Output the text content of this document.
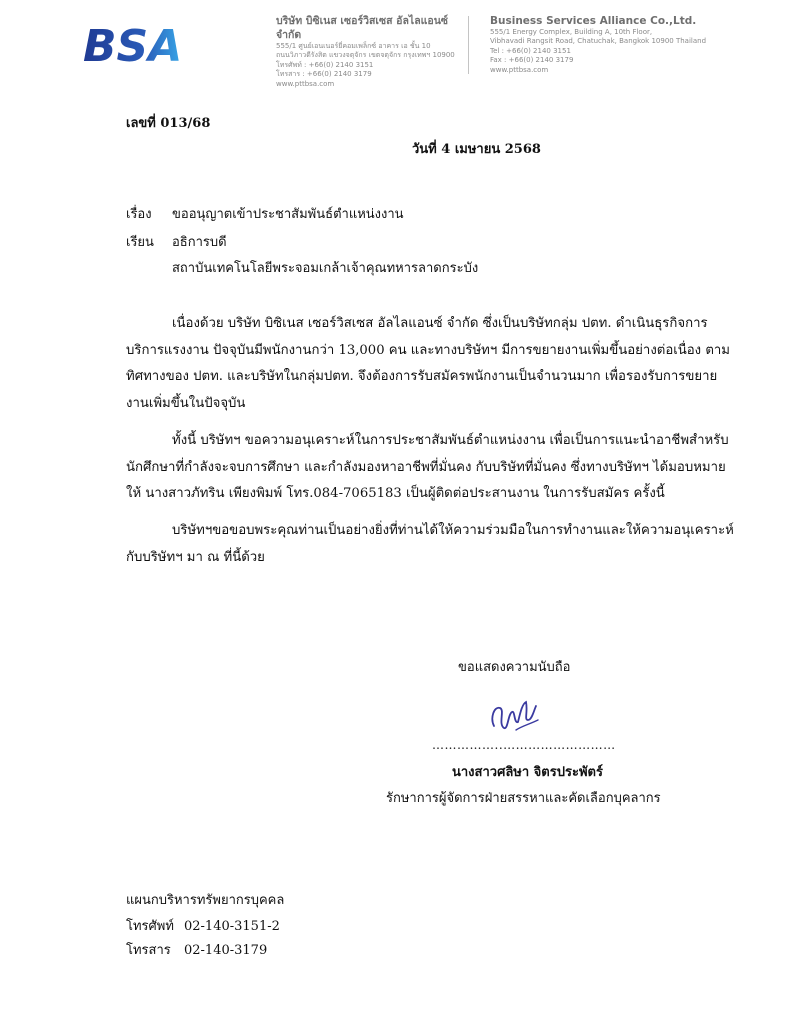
BSA	บริษัท บิซิเนส เซอร์วิสเซส อัลไลแอนซ์ จำกัด
555/1 ศูนย์เอนเนอร์ยี่คอมเพล็กซ์ อาคาร เอ ชั้น 10
ถนนวิภาวดีรังสิต แขวงจตุจักร เขตจตุจักร กรุงเทพฯ 10900
โทรศัพท์ : +66(0) 2140 3151
โทรสาร : +66(0) 2140 3179
www.pttbsa.com
Business Services Alliance Co.,Ltd.
555/1 Energy Complex, Building A, 10th Floor,
Vibhavadi Rangsit Road, Chatuchak, Bangkok 10900 Thailand
Tel : +66(0) 2140 3151
Fax : +66(0) 2140 3179
www.pttbsa.com
เลขที่ 013/68
วันที่ 4 เมษายน 2568
เรื่อง ขออนุญาตเข้าประชาสัมพันธ์ตำแหน่งงาน
เรียน อธิการบดี
สถาบันเทคโนโลยีพระจอมเกล้าเจ้าคุณทหารลาดกระบัง
เนื่องด้วย บริษัท บิซิเนส เซอร์วิสเซส อัลไลแอนซ์ จำกัด ซึ่งเป็นบริษัทกลุ่ม ปตท. ดำเนินธุรกิจการ
บริการแรงงาน ปัจจุบันมีพนักงานกว่า 13,000 คน และทางบริษัทฯ มีการขยายงานเพิ่มขึ้นอย่างต่อเนื่อง ตาม
ทิศทางของ ปตท. และบริษัทในกลุ่มปตท. จึงต้องการรับสมัครพนักงานเป็นจำนวนมาก เพื่อรองรับการขยาย
งานเพิ่มขึ้นในปัจจุบัน
ทั้งนี้ บริษัทฯ ขอความอนุเคราะห์ในการประชาสัมพันธ์ตำแหน่งงาน เพื่อเป็นการแนะนำอาชีพสำหรับ
นักศึกษาที่กำลังจะจบการศึกษา และกำลังมองหาอาชีพที่มั่นคง กับบริษัทที่มั่นคง ซึ่งทางบริษัทฯ ได้มอบหมาย
ให้ นางสาวภัทริน เพียงพิมพ์ โทร.084-7065183 เป็นผู้ติดต่อประสานงาน ในการรับสมัคร ครั้งนี้
บริษัทฯขอขอบพระคุณท่านเป็นอย่างยิ่งที่ท่านได้ให้ความร่วมมือในการทำงานและให้ความอนุเคราะห์
กับบริษัทฯ มา ณ ที่นี้ด้วย
ขอแสดงความนับถือ
……………..………………………
นางสาวศลิษา จิตรประพัตร์
รักษาการผู้จัดการฝ่ายสรรหาและคัดเลือกบุคลากร
แผนกบริหารทรัพยากรบุคคล
โทรศัพท์ 02-140-3151-2
โทรสาร 02-140-3179
